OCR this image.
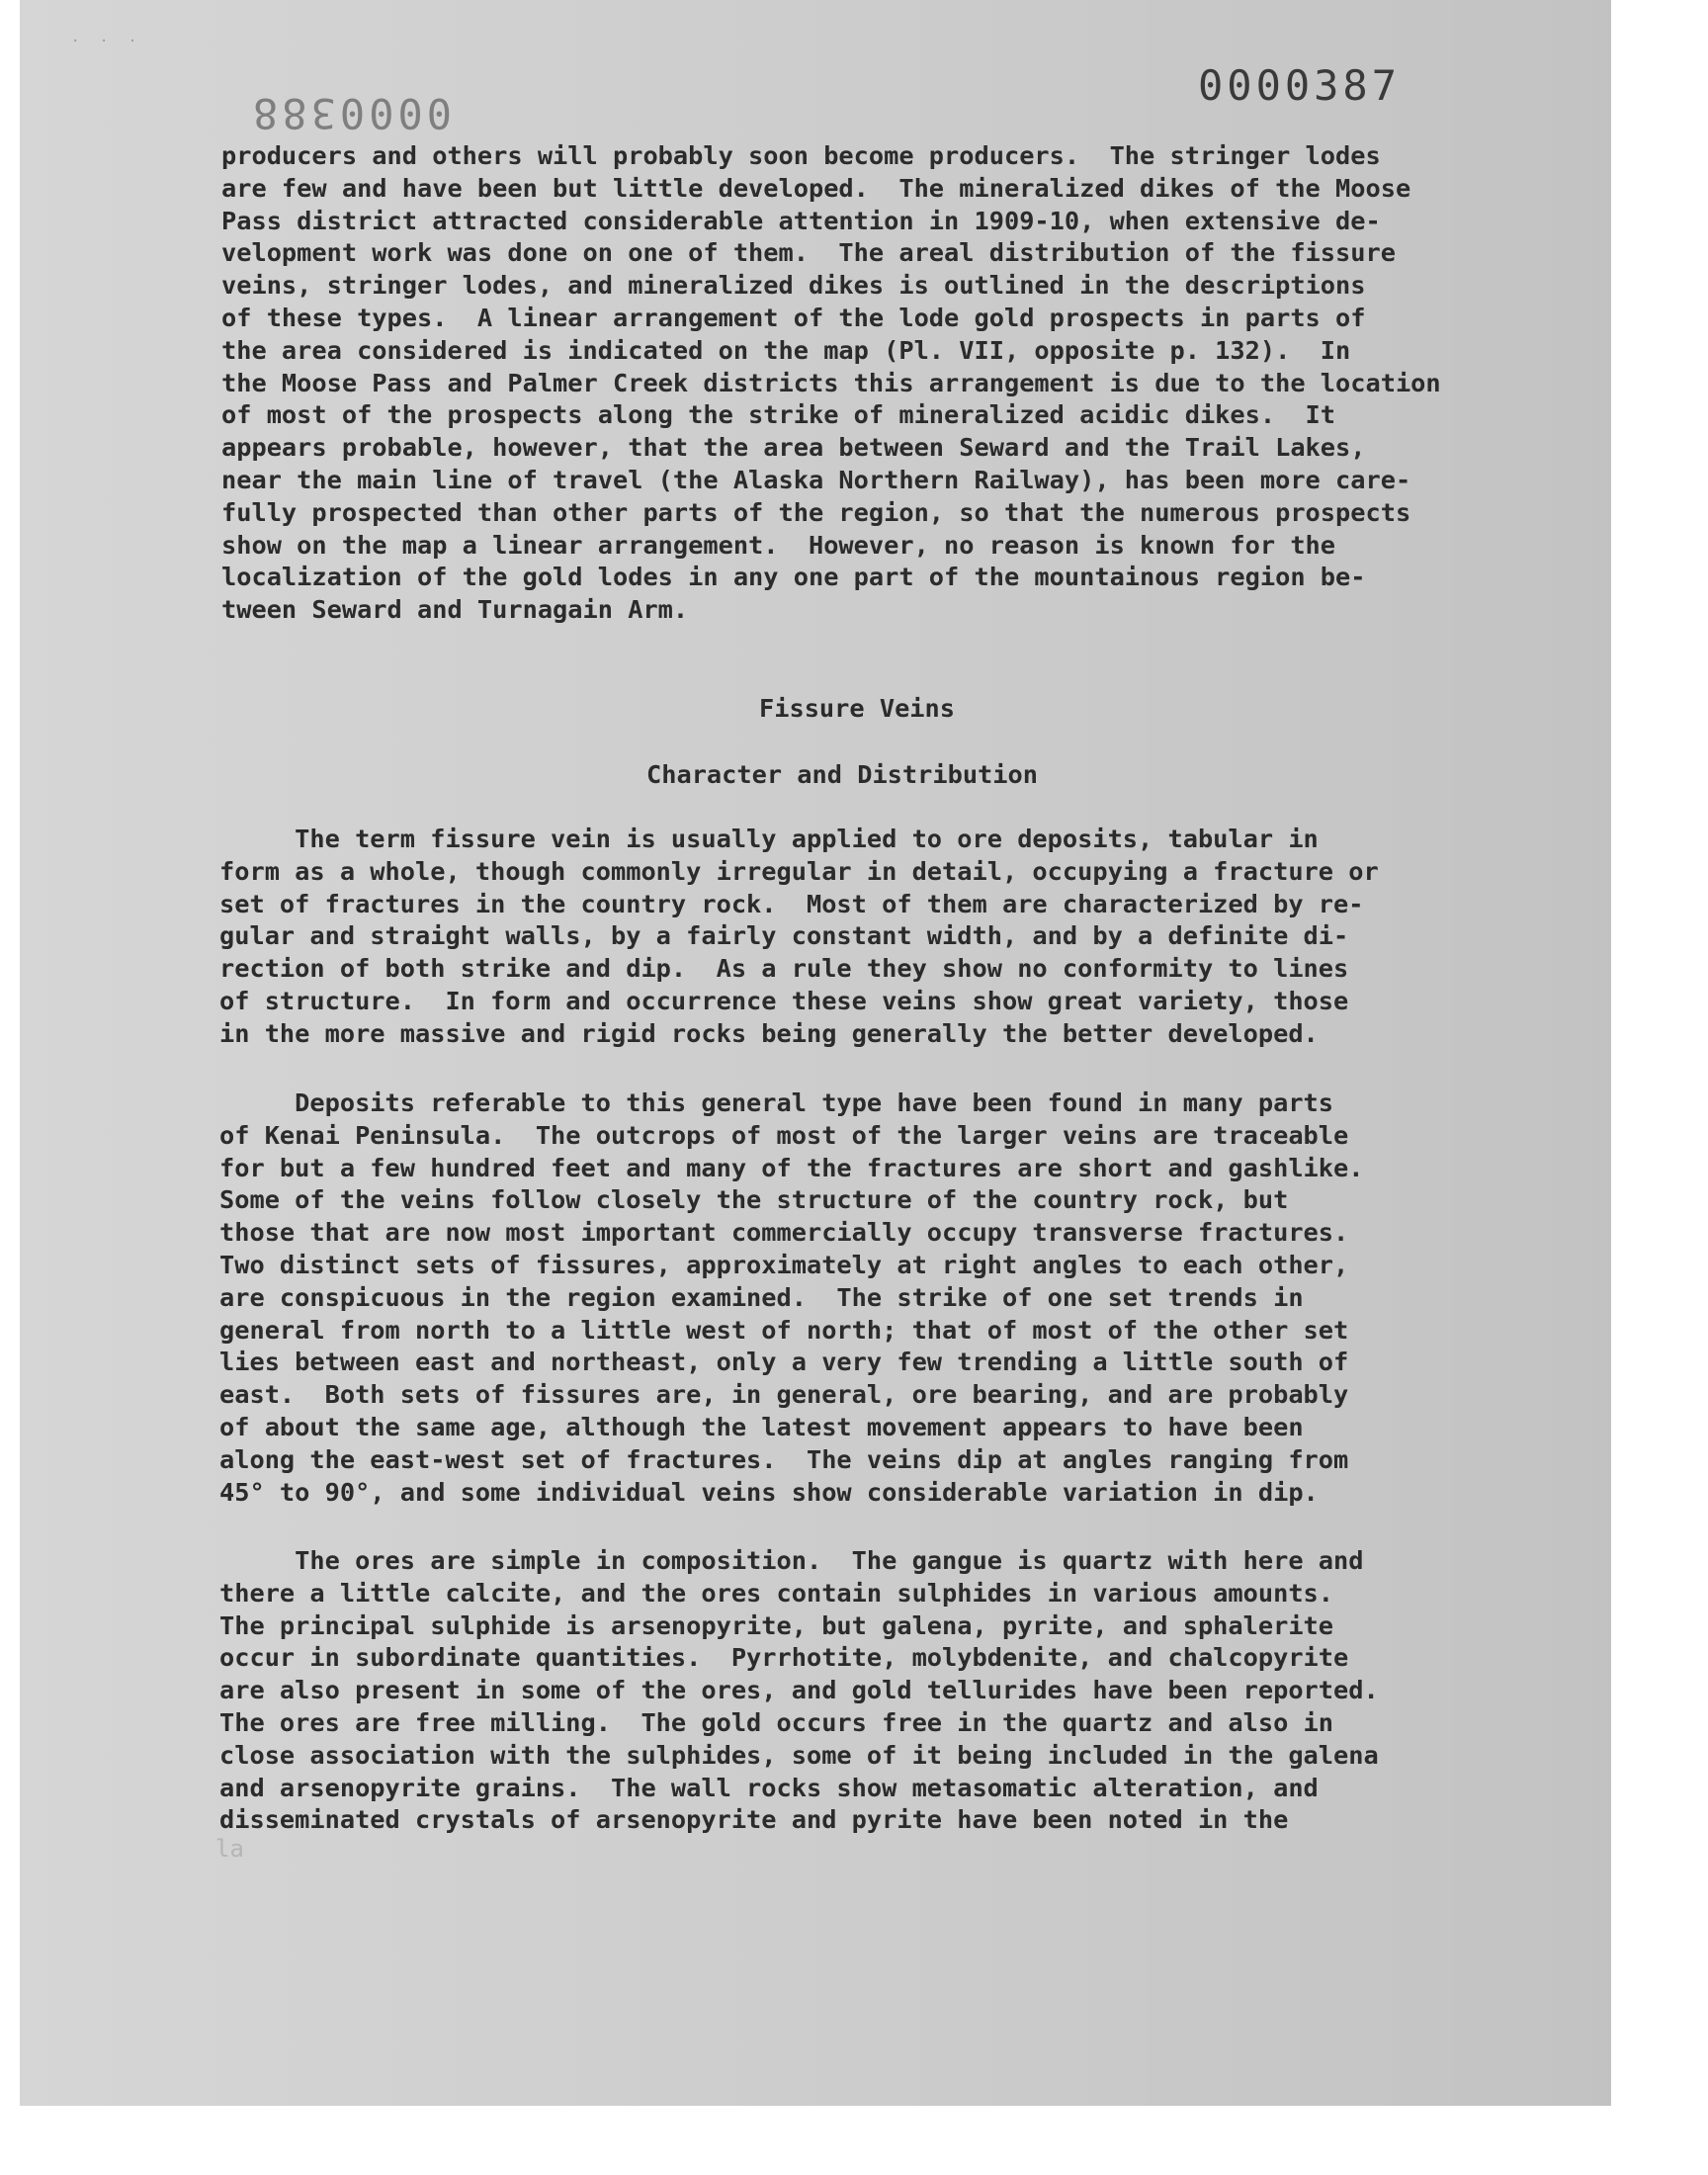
· · ·
0000387
0000388
producers and others will probably soon become producers.  The stringer lodes
are few and have been but little developed.  The mineralized dikes of the Moose
Pass district attracted considerable attention in 1909-10, when extensive de-
velopment work was done on one of them.  The areal distribution of the fissure
veins, stringer lodes, and mineralized dikes is outlined in the descriptions
of these types.  A linear arrangement of the lode gold prospects in parts of
the area considered is indicated on the map (Pl. VII, opposite p. 132).  In
the Moose Pass and Palmer Creek districts this arrangement is due to the location
of most of the prospects along the strike of mineralized acidic dikes.  It
appears probable, however, that the area between Seward and the Trail Lakes,
near the main line of travel (the Alaska Northern Railway), has been more care-
fully prospected than other parts of the region, so that the numerous prospects
show on the map a linear arrangement.  However, no reason is known for the
localization of the gold lodes in any one part of the mountainous region be-
tween Seward and Turnagain Arm.
Fissure Veins
Character and Distribution
The term fissure vein is usually applied to ore deposits, tabular in
form as a whole, though commonly irregular in detail, occupying a fracture or
set of fractures in the country rock.  Most of them are characterized by re-
gular and straight walls, by a fairly constant width, and by a definite di-
rection of both strike and dip.  As a rule they show no conformity to lines
of structure.  In form and occurrence these veins show great variety, those
in the more massive and rigid rocks being generally the better developed.
Deposits referable to this general type have been found in many parts
of Kenai Peninsula.  The outcrops of most of the larger veins are traceable
for but a few hundred feet and many of the fractures are short and gashlike.
Some of the veins follow closely the structure of the country rock, but
those that are now most important commercially occupy transverse fractures.
Two distinct sets of fissures, approximately at right angles to each other,
are conspicuous in the region examined.  The strike of one set trends in
general from north to a little west of north; that of most of the other set
lies between east and northeast, only a very few trending a little south of
east.  Both sets of fissures are, in general, ore bearing, and are probably
of about the same age, although the latest movement appears to have been
along the east-west set of fractures.  The veins dip at angles ranging from
45° to 90°, and some individual veins show considerable variation in dip.
The ores are simple in composition.  The gangue is quartz with here and
there a little calcite, and the ores contain sulphides in various amounts.
The principal sulphide is arsenopyrite, but galena, pyrite, and sphalerite
occur in subordinate quantities.  Pyrrhotite, molybdenite, and chalcopyrite
are also present in some of the ores, and gold tellurides have been reported.
The ores are free milling.  The gold occurs free in the quartz and also in
close association with the sulphides, some of it being included in the galena
and arsenopyrite grains.  The wall rocks show metasomatic alteration, and
disseminated crystals of arsenopyrite and pyrite have been noted in the
la
